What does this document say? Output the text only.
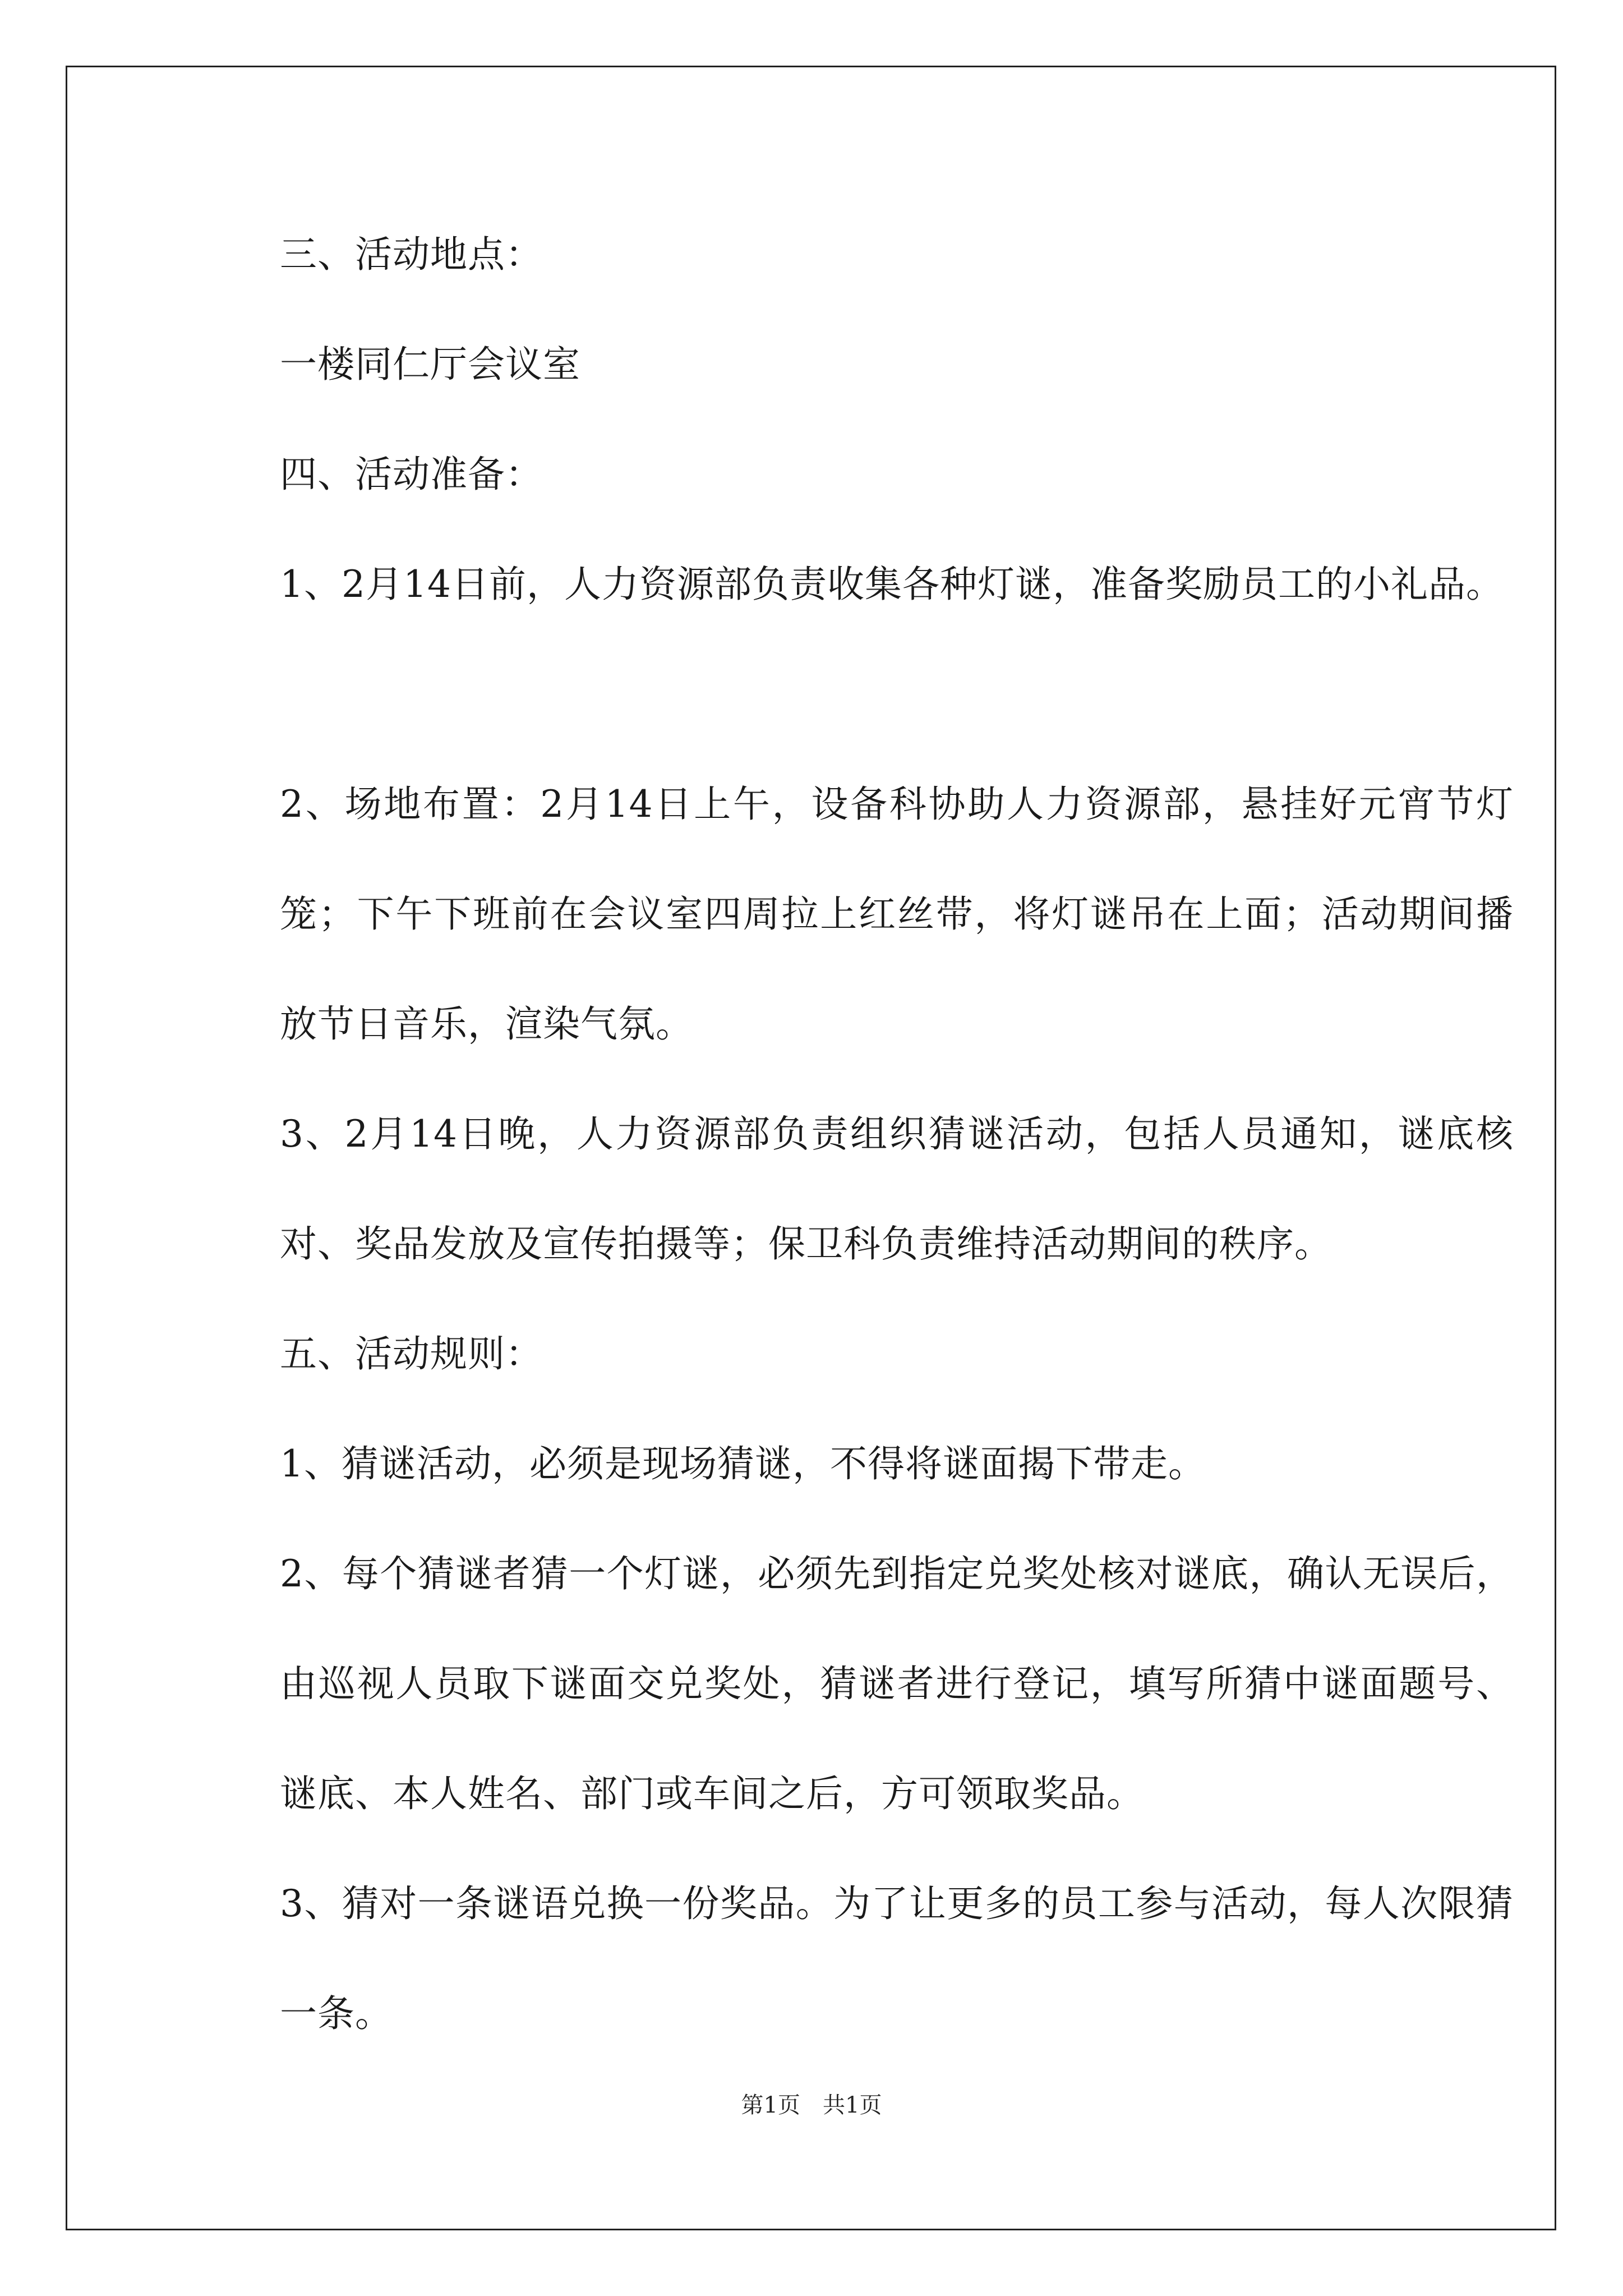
三、活动地点：
一楼同仁厅会议室
四、活动准备：
1、2月14日前，人力资源部负责收集各种灯谜，准备奖励员工的小礼品。
2、场地布置：2月14日上午，设备科协助人力资源部，悬挂好元宵节灯笼；下午下班前在会议室四周拉上红丝带，将灯谜吊在上面；活动期间播放节日音乐，渲染气氛。
3、2月14日晚，人力资源部负责组织猜谜活动，包括人员通知，谜底核对、奖品发放及宣传拍摄等；保卫科负责维持活动期间的秩序。
五、活动规则：
1、猜谜活动，必须是现场猜谜，不得将谜面揭下带走。
2、每个猜谜者猜一个灯谜，必须先到指定兑奖处核对谜底，确认无误后，由巡视人员取下谜面交兑奖处，猜谜者进行登记，填写所猜中谜面题号、谜底、本人姓名、部门或车间之后，方可领取奖品。
3、猜对一条谜语兑换一份奖品。为了让更多的员工参与活动，每人次限猜一条。
第1页　共1页
